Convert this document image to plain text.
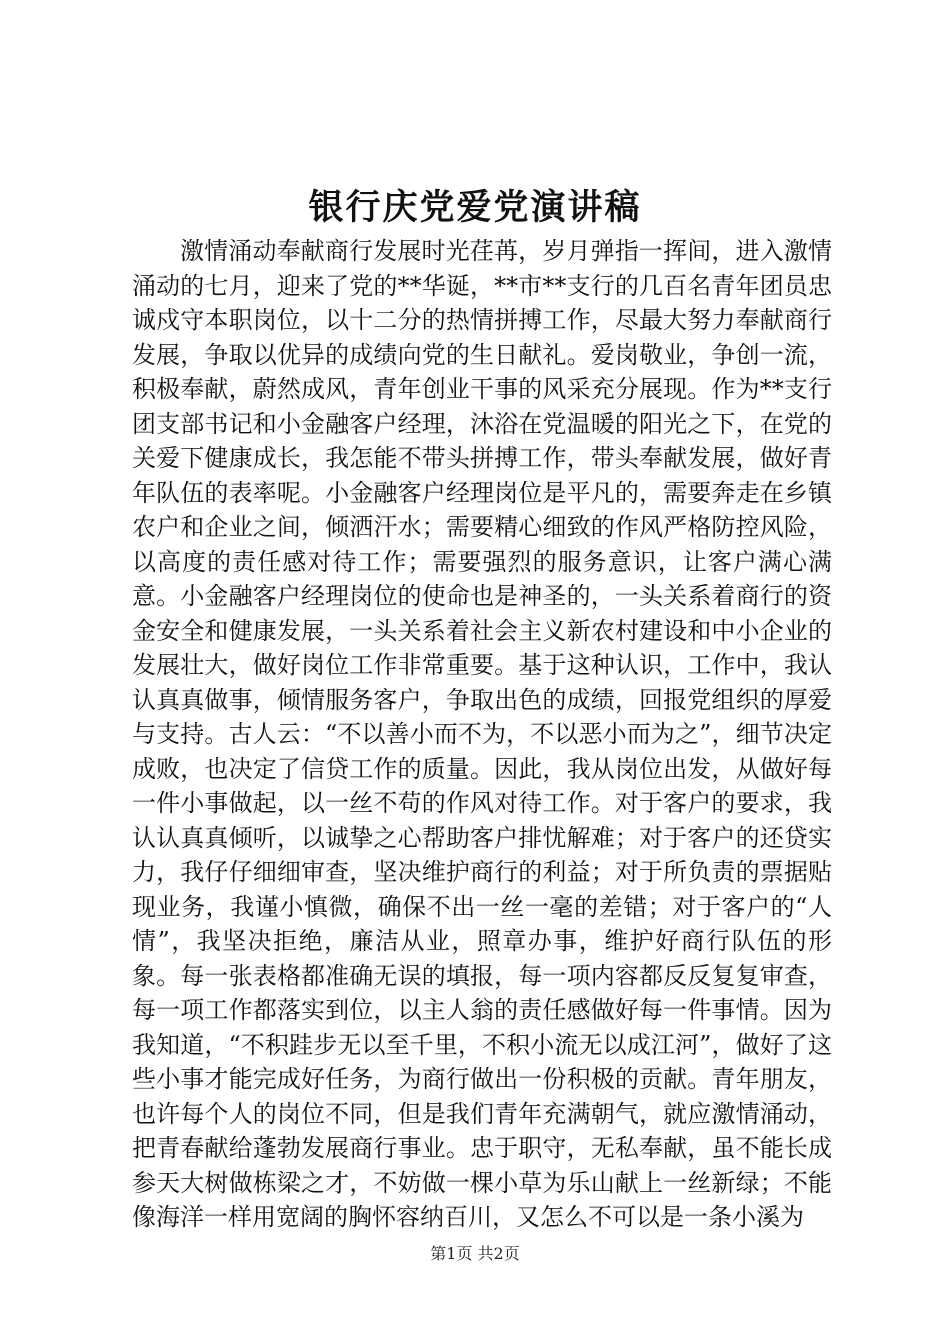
银行庆党爱党演讲稿

激情涌动奉献商行发展时光荏苒，岁月弹指一挥间，进入激情涌动的七月，迎来了党的**华诞，**市**支行的几百名青年团员忠诚戍守本职岗位，以十二分的热情拼搏工作，尽最大努力奉献商行发展，争取以优异的成绩向党的生日献礼。爱岗敬业，争创一流，积极奉献，蔚然成风，青年创业干事的风采充分展现。作为**支行团支部书记和小金融客户经理，沐浴在党温暖的阳光之下，在党的关爱下健康成长，我怎能不带头拼搏工作，带头奉献发展，做好青年队伍的表率呢。小金融客户经理岗位是平凡的，需要奔走在乡镇农户和企业之间，倾洒汗水；需要精心细致的作风严格防控风险，以高度的责任感对待工作；需要强烈的服务意识，让客户满心满意。小金融客户经理岗位的使命也是神圣的，一头关系着商行的资金安全和健康发展，一头关系着社会主义新农村建设和中小企业的发展壮大，做好岗位工作非常重要。基于这种认识，工作中，我认认真真做事，倾情服务客户，争取出色的成绩，回报党组织的厚爱与支持。古人云：“不以善小而不为，不以恶小而为之”，细节决定成败，也决定了信贷工作的质量。因此，我从岗位出发，从做好每一件小事做起，以一丝不苟的作风对待工作。对于客户的要求，我认认真真倾听，以诚挚之心帮助客户排忧解难；对于客户的还贷实力，我仔仔细细审查，坚决维护商行的利益；对于所负责的票据贴现业务，我谨小慎微，确保不出一丝一毫的差错；对于客户的“人情”，我坚决拒绝，廉洁从业，照章办事，维护好商行队伍的形象。每一张表格都准确无误的填报，每一项内容都反反复复审查，每一项工作都落实到位，以主人翁的责任感做好每一件事情。因为我知道，“不积跬步无以至千里，不积小流无以成江河”，做好了这些小事才能完成好任务，为商行做出一份积极的贡献。青年朋友，也许每个人的岗位不同，但是我们青年充满朝气，就应激情涌动，把青春献给蓬勃发展商行事业。忠于职守，无私奉献，虽不能长成参天大树做栋梁之才，不妨做一棵小草为乐山献上一丝新绿；不能像海洋一样用宽阔的胸怀容纳百川，又怎么不可以是一条小溪为

第1页 共2页
